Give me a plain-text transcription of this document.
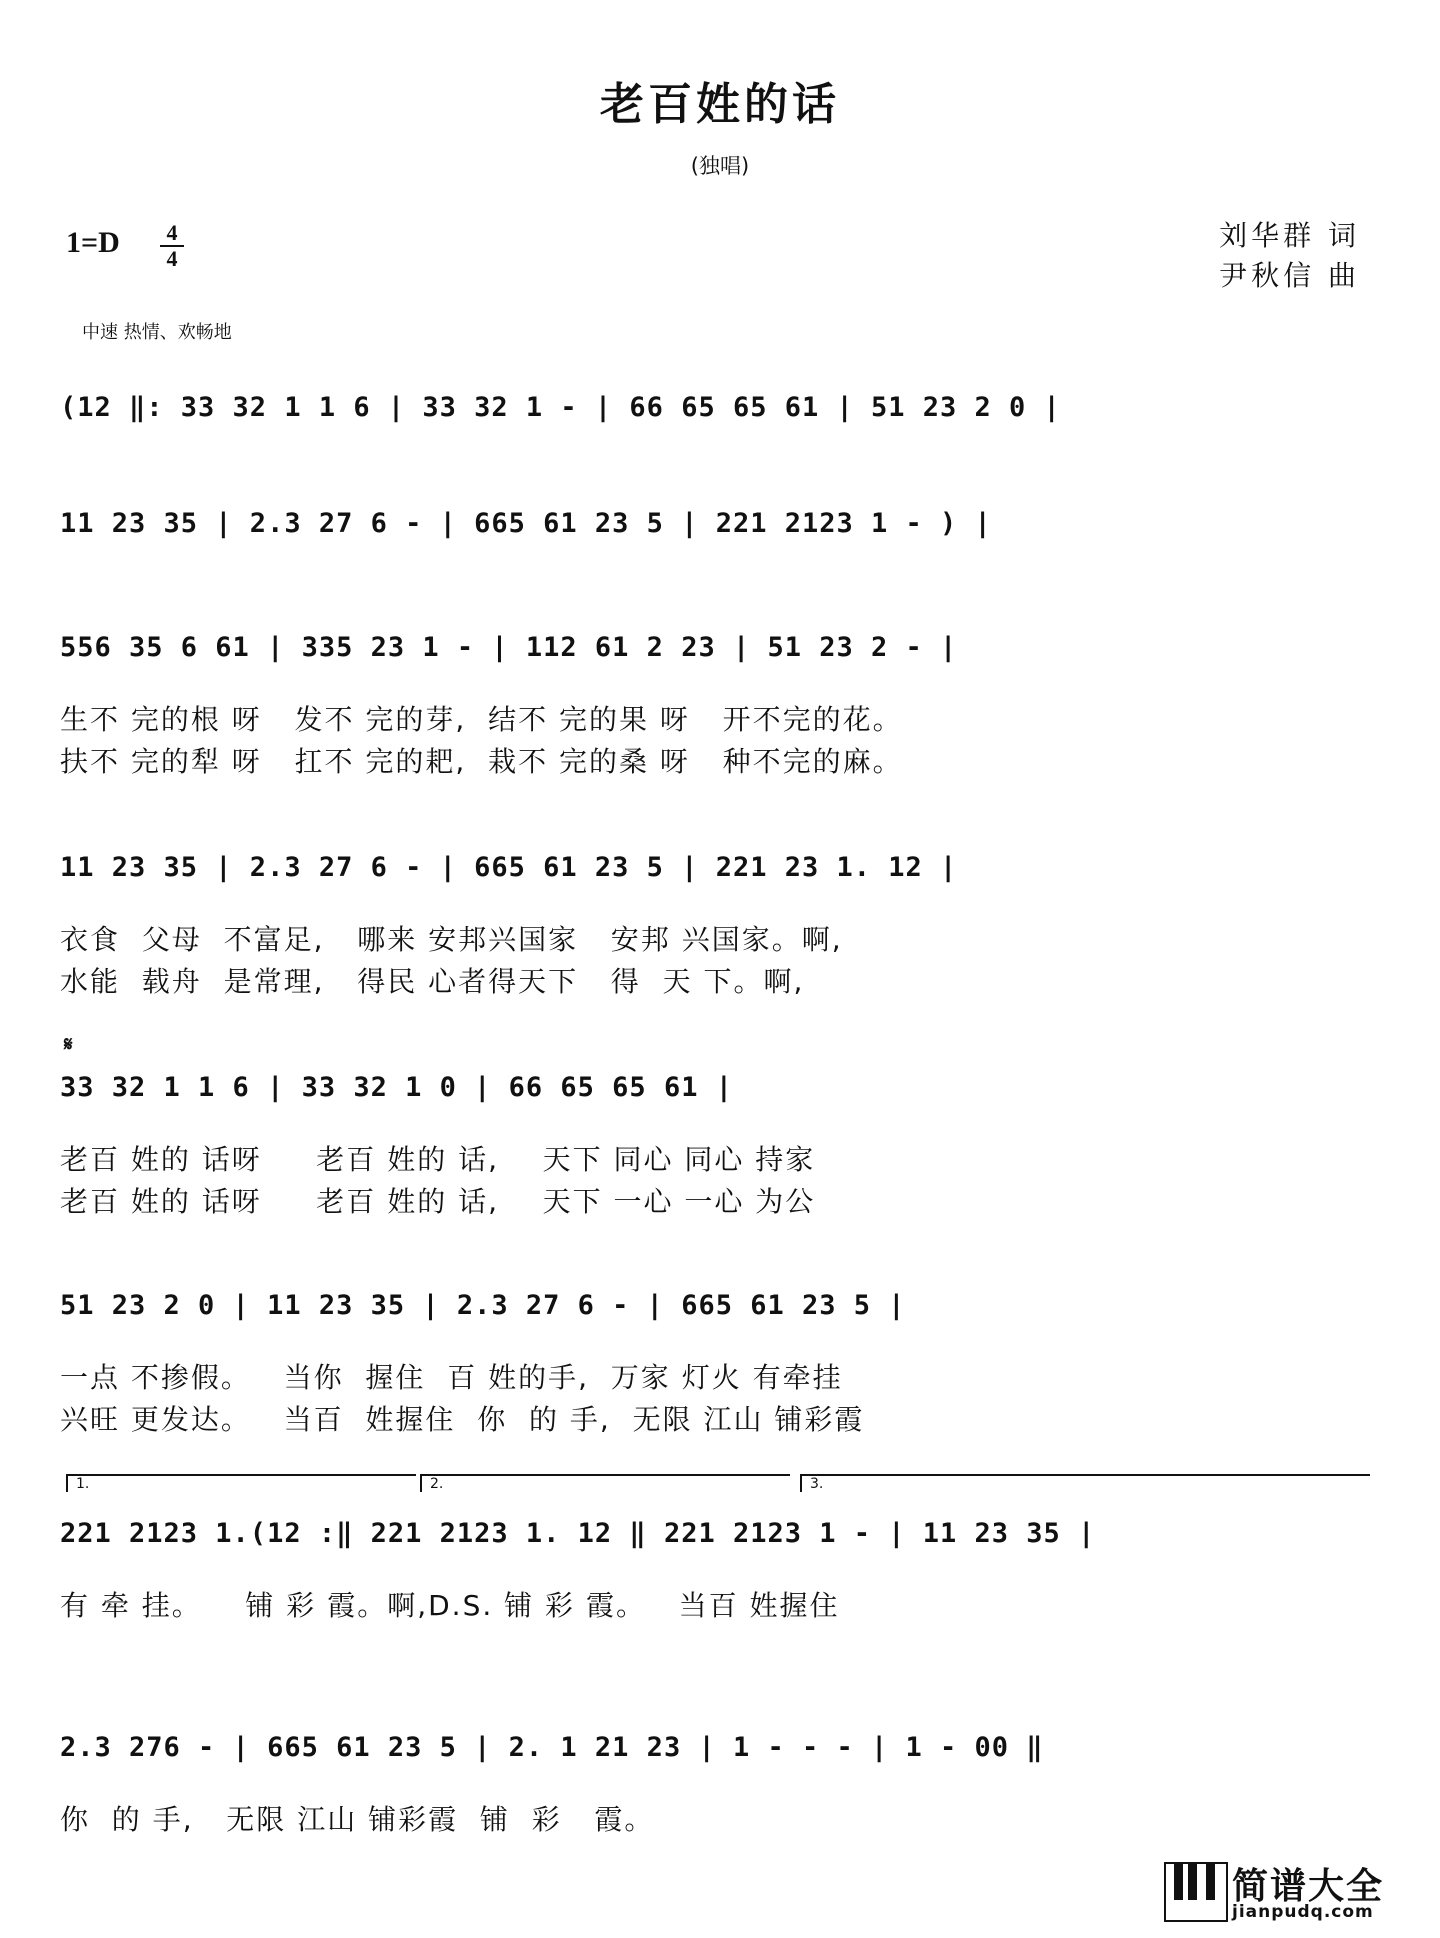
老百姓的话
(独唱)
1=D 4
4
刘华群 词
尹秋信 曲
中速 热情、欢畅地
(12 ‖: 33 32 1 1 6 | 33 32 1 - | 66 65 65 61 | 51 23 2 0 |
11 23 35 | 2.3 27 6 - | 665 61 23 5 | 221 2123 1 - ) |
556 35 6 61 | 335 23 1 - | 112 61 2 23 | 51 23 2 - |
生不 完的根 呀   发不 完的芽,  结不 完的果 呀   开不完的花。
扶不 完的犁 呀   扛不 完的耙,  栽不 完的桑 呀   种不完的麻。
11 23 35 | 2.3 27 6 - | 665 61 23 5 | 221 23 1. 12 |
衣食  父母  不富足,   哪来 安邦兴国家   安邦 兴国家。啊,
水能  载舟  是常理,   得民 心者得天下   得  天 下。啊,
𝄋
33 32 1 1 6 | 33 32 1 0 | 66 65 65 61 |
老百 姓的 话呀     老百 姓的 话,    天下 同心 同心 持家
老百 姓的 话呀     老百 姓的 话,    天下 一心 一心 为公
51 23 2 0 | 11 23 35 | 2.3 27 6 - | 665 61 23 5 |
一点 不掺假。   当你  握住  百 姓的手,  万家 灯火 有牵挂
兴旺 更发达。   当百  姓握住  你  的 手,  无限 江山 铺彩霞
1.	2.	3.
221 2123 1.(12 :‖ 221 2123 1. 12 ‖ 221 2123 1 - | 11 23 35 |
有 牵 挂。    铺 彩 霞。啊,D.S. 铺 彩 霞。   当百 姓握住
2.3 276 - | 665 61 23 5 | 2. 1 21 23 | 1 - - - | 1 - 00 ‖
你  的 手,   无限 江山 铺彩霞  铺  彩   霞。
简谱大全
jianpudq.com
